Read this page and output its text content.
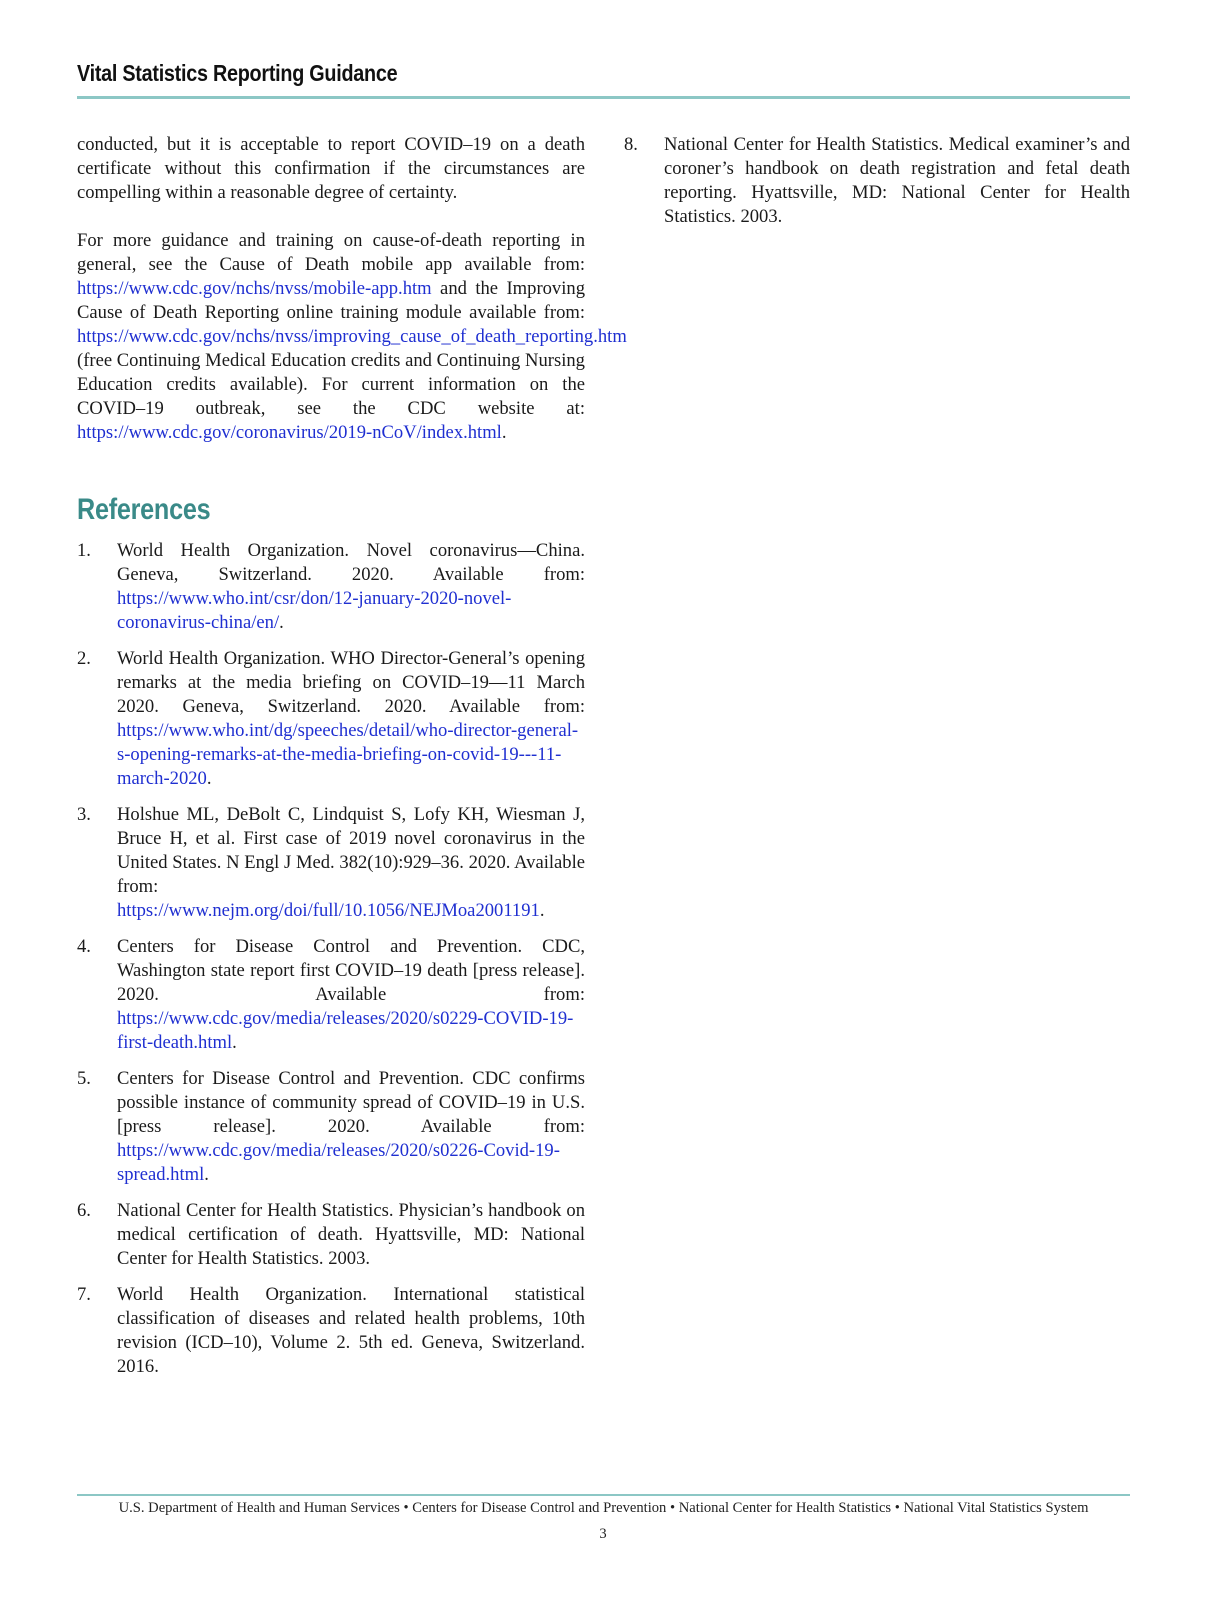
Vital Statistics Reporting Guidance

conducted, but it is acceptable to report COVID–19 on a death certificate without this confirmation if the circumstances are compelling within a reasonable degree of certainty.

For more guidance and training on cause-of-death reporting in general, see the Cause of Death mobile app available from: https://www.cdc.gov/nchs/nvss/mobile-app.htm and the Improving Cause of Death Reporting online training module available from: https://www.cdc.gov/nchs/nvss/improving_cause_of_death_reporting.htm (free Continuing Medical Education credits and Continuing Nursing Education credits available). For current information on the COVID–19 outbreak, see the CDC website at: https://www.cdc.gov/coronavirus/2019-nCoV/index.html.

References
1. World Health Organization. Novel coronavirus—China. Geneva, Switzerland. 2020. Available from: https://www.who.int/csr/don/12-january-2020-novel-coronavirus-china/en/.
2. World Health Organization. WHO Director-General’s opening remarks at the media briefing on COVID–19—11 March 2020. Geneva, Switzerland. 2020. Available from: https://www.who.int/dg/speeches/detail/who-director-general-s-opening-remarks-at-the-media-briefing-on-covid-19---11-march-2020.
3. Holshue ML, DeBolt C, Lindquist S, Lofy KH, Wiesman J, Bruce H, et al. First case of 2019 novel coronavirus in the United States. N Engl J Med. 382(10):929–36. 2020. Available from: https://www.nejm.org/doi/full/10.1056/NEJMoa2001191.
4. Centers for Disease Control and Prevention. CDC, Washington state report first COVID–19 death [press release]. 2020. Available from: https://www.cdc.gov/media/releases/2020/s0229-COVID-19-first-death.html.
5. Centers for Disease Control and Prevention. CDC confirms possible instance of community spread of COVID–19 in U.S. [press release]. 2020. Available from: https://www.cdc.gov/media/releases/2020/s0226-Covid-19-spread.html.
6. National Center for Health Statistics. Physician’s handbook on medical certification of death. Hyattsville, MD: National Center for Health Statistics. 2003.
7. World Health Organization. International statistical classification of diseases and related health problems, 10th revision (ICD–10), Volume 2. 5th ed. Geneva, Switzerland. 2016.
8. National Center for Health Statistics. Medical examiner’s and coroner’s handbook on death registration and fetal death reporting. Hyattsville, MD: National Center for Health Statistics. 2003.
U.S. Department of Health and Human Services • Centers for Disease Control and Prevention • National Center for Health Statistics • National Vital Statistics System
3
